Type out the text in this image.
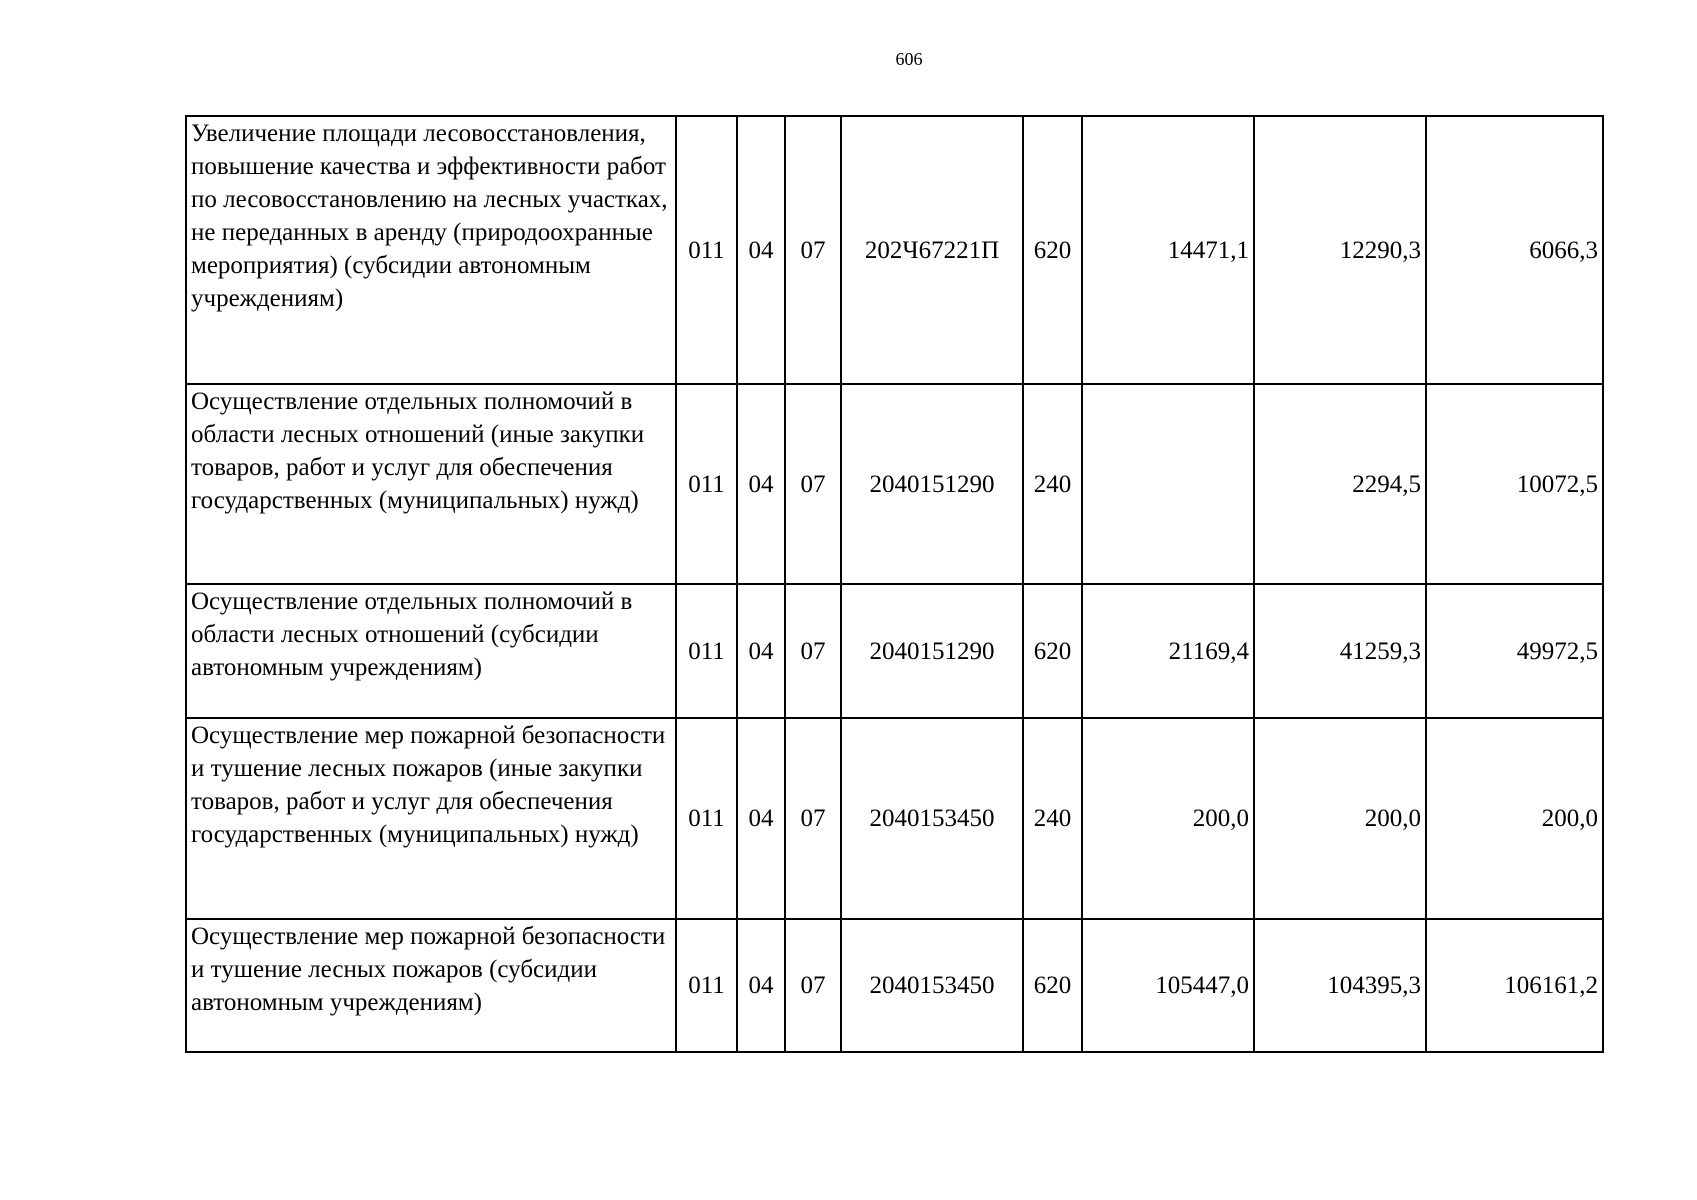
606
Увеличение площади лесовосстановления, повышение качества и эффективности работ по лесовосстановлению на лесных участках, не переданных в аренду (природоохранные мероприятия) (субсидии автономным учреждениям)	011	04	07	202Ч67221П	620	14471,1	12290,3	6066,3
Осуществление отдельных полномочий в области лесных отношений (иные закупки товаров, работ и услуг для обеспечения государственных (муниципальных) нужд)	011	04	07	2040151290	240		2294,5	10072,5
Осуществление отдельных полномочий в области лесных отношений (субсидии автономным учреждениям)	011	04	07	2040151290	620	21169,4	41259,3	49972,5
Осуществление мер пожарной безопасности и тушение лесных пожаров (иные закупки товаров, работ и услуг для обеспечения государственных (муниципальных) нужд)	011	04	07	2040153450	240	200,0	200,0	200,0
Осуществление мер пожарной безопасности и тушение лесных пожаров (субсидии автономным учреждениям)	011	04	07	2040153450	620	105447,0	104395,3	106161,2
